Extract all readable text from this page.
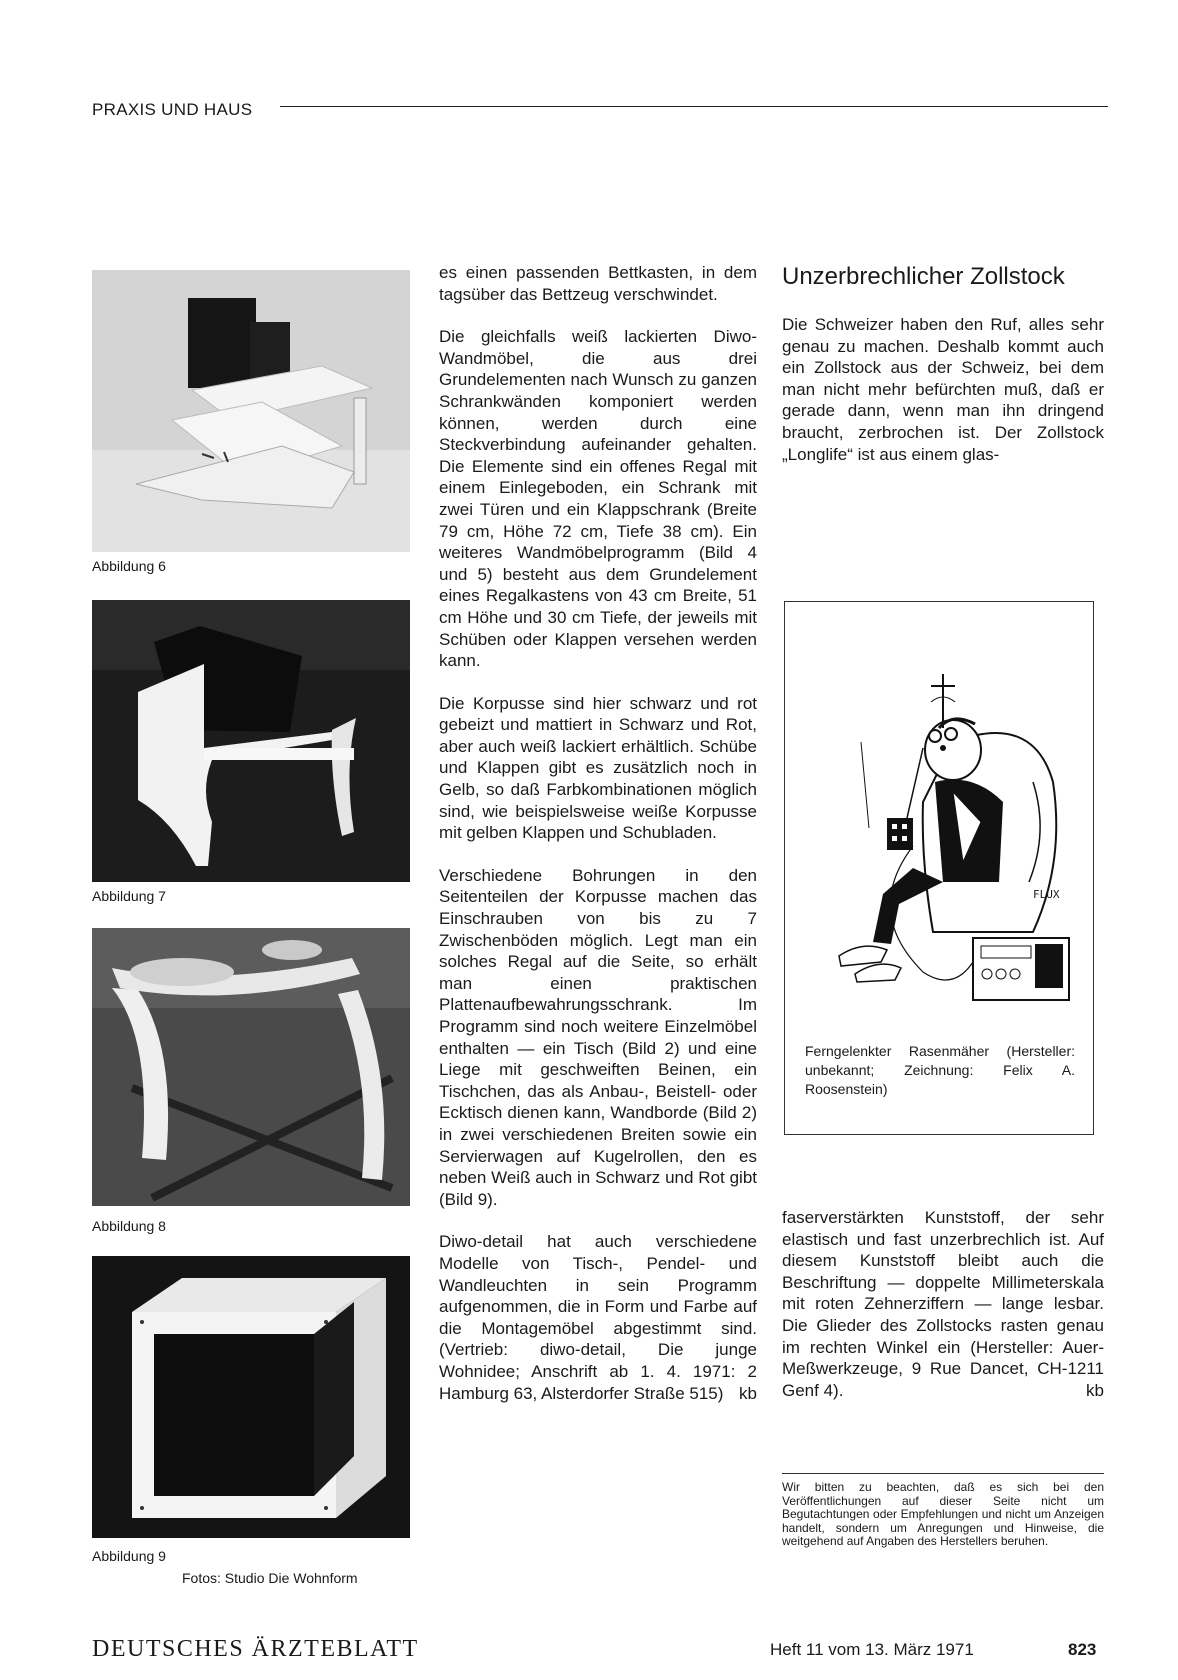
PRAXIS UND HAUS
Abbildung 6
Abbildung 7
Abbildung 8
Abbildung 9
Fotos: Studio Die Wohnform

es einen passenden Bettkasten, in dem tagsüber das Bettzeug verschwindet.

Die gleichfalls weiß lackierten Diwo-Wandmöbel, die aus drei Grundelementen nach Wunsch zu ganzen Schrankwänden komponiert werden können, werden durch eine Steckverbindung aufeinander gehalten. Die Elemente sind ein offenes Regal mit einem Einlegeboden, ein Schrank mit zwei Türen und ein Klappschrank (Breite 79 cm, Höhe 72 cm, Tiefe 38 cm). Ein weiteres Wandmöbelprogramm (Bild 4 und 5) besteht aus dem Grundelement eines Regalkastens von 43 cm Breite, 51 cm Höhe und 30 cm Tiefe, der jeweils mit Schüben oder Klappen versehen werden kann.

Die Korpusse sind hier schwarz und rot gebeizt und mattiert in Schwarz und Rot, aber auch weiß lackiert erhältlich. Schübe und Klappen gibt es zusätzlich noch in Gelb, so daß Farbkombinationen möglich sind, wie beispielsweise weiße Korpusse mit gelben Klappen und Schubladen.

Verschiedene Bohrungen in den Seitenteilen der Korpusse machen das Einschrauben von bis zu 7 Zwischenböden möglich. Legt man ein solches Regal auf die Seite, so erhält man einen praktischen Plattenaufbewahrungsschrank. Im Programm sind noch weitere Einzelmöbel enthalten — ein Tisch (Bild 2) und eine Liege mit geschweiften Beinen, ein Tischchen, das als Anbau-, Beistell- oder Ecktisch dienen kann, Wandborde (Bild 2) in zwei verschiedenen Breiten sowie ein Servierwagen auf Kugelrollen, den es neben Weiß auch in Schwarz und Rot gibt (Bild 9).

Diwo-detail hat auch verschiedene Modelle von Tisch-, Pendel- und Wandleuchten in sein Programm aufgenommen, die in Form und Farbe auf die Montagemöbel abgestimmt sind. (Vertrieb: diwo-detail, Die junge Wohnidee; Anschrift ab 1. 4. 1971: 2 Hamburg 63, Alsterdorfer Straße 515) kb

Unzerbrechlicher Zollstock

Die Schweizer haben den Ruf, alles sehr genau zu machen. Deshalb kommt auch ein Zollstock aus der Schweiz, bei dem man nicht mehr befürchten muß, daß er gerade dann, wenn man ihn dringend braucht, zerbrochen ist. Der Zollstock „Longlife“ ist aus einem glas-

FLUX
Ferngelenkter Rasenmäher (Hersteller: unbekannt; Zeichnung: Felix A. Roosenstein)

faserverstärkten Kunststoff, der sehr elastisch und fast unzerbrechlich ist. Auf diesem Kunststoff bleibt auch die Beschriftung — doppelte Millimeterskala mit roten Zehnerziffern — lange lesbar. Die Glieder des Zollstocks rasten genau im rechten Winkel ein (Hersteller: Auer-Meßwerkzeuge, 9 Rue Dancet, CH-1211 Genf 4).	kb

Wir bitten zu beachten, daß es sich bei den Veröffentlichungen auf dieser Seite nicht um Begutachtungen oder Empfehlungen und nicht um Anzeigen handelt, sondern um Anregungen und Hinweise, die weitgehend auf Angaben des Herstellers beruhen.
DEUTSCHES ÄRZTEBLATT	Heft 11 vom 13. März 1971	823
